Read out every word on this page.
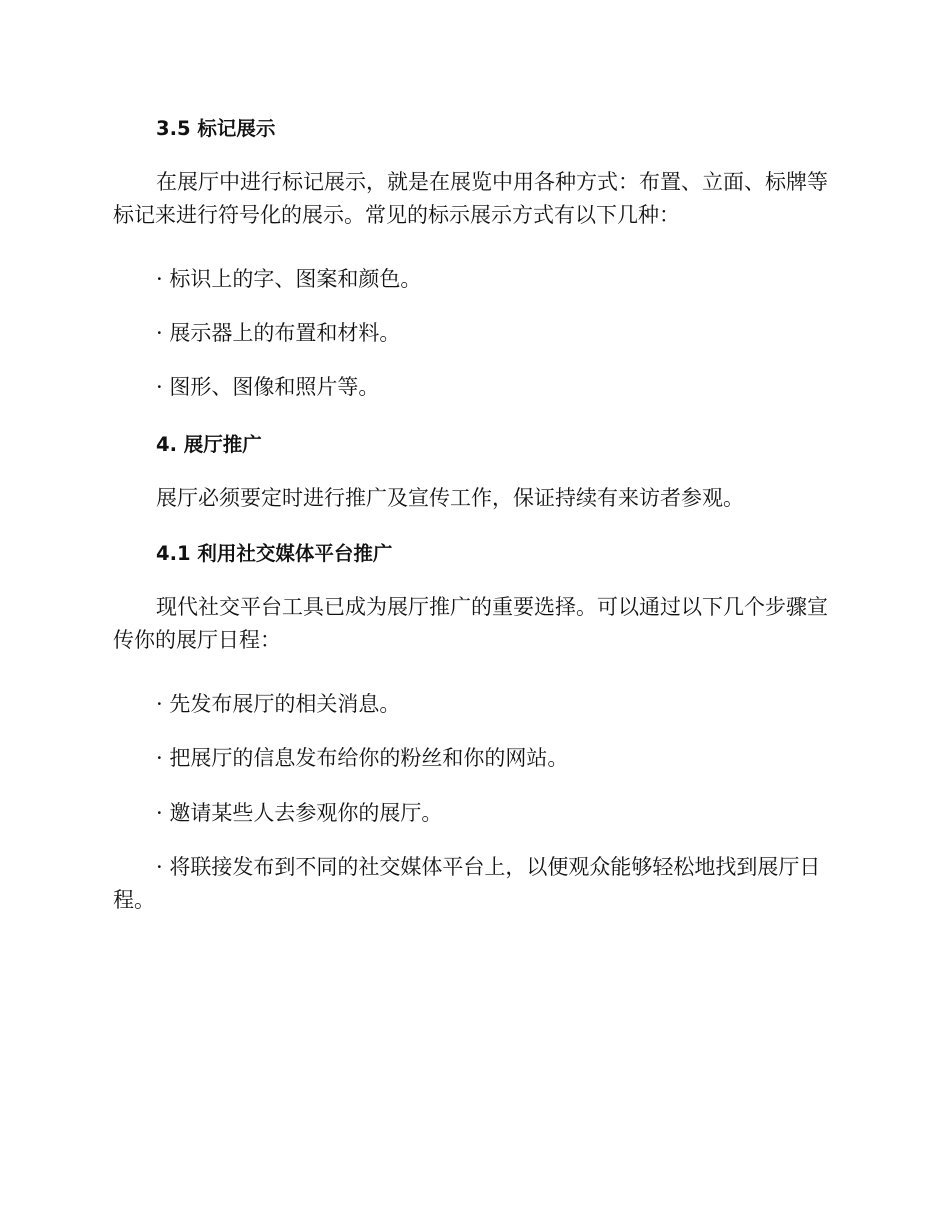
3.5 标记展示

在展厅中进行标记展示，就是在展览中用各种方式：布置、立面、标牌等标记来进行符号化的展示。常见的标示展示方式有以下几种：

· 标识上的字、图案和颜色。

· 展示器上的布置和材料。

· 图形、图像和照片等。

4. 展厅推广

展厅必须要定时进行推广及宣传工作，保证持续有来访者参观。

4.1 利用社交媒体平台推广

现代社交平台工具已成为展厅推广的重要选择。可以通过以下几个步骤宣传你的展厅日程：

· 先发布展厅的相关消息。

· 把展厅的信息发布给你的粉丝和你的网站。

· 邀请某些人去参观你的展厅。

· 将联接发布到不同的社交媒体平台上，以便观众能够轻松地找到展厅日程。
